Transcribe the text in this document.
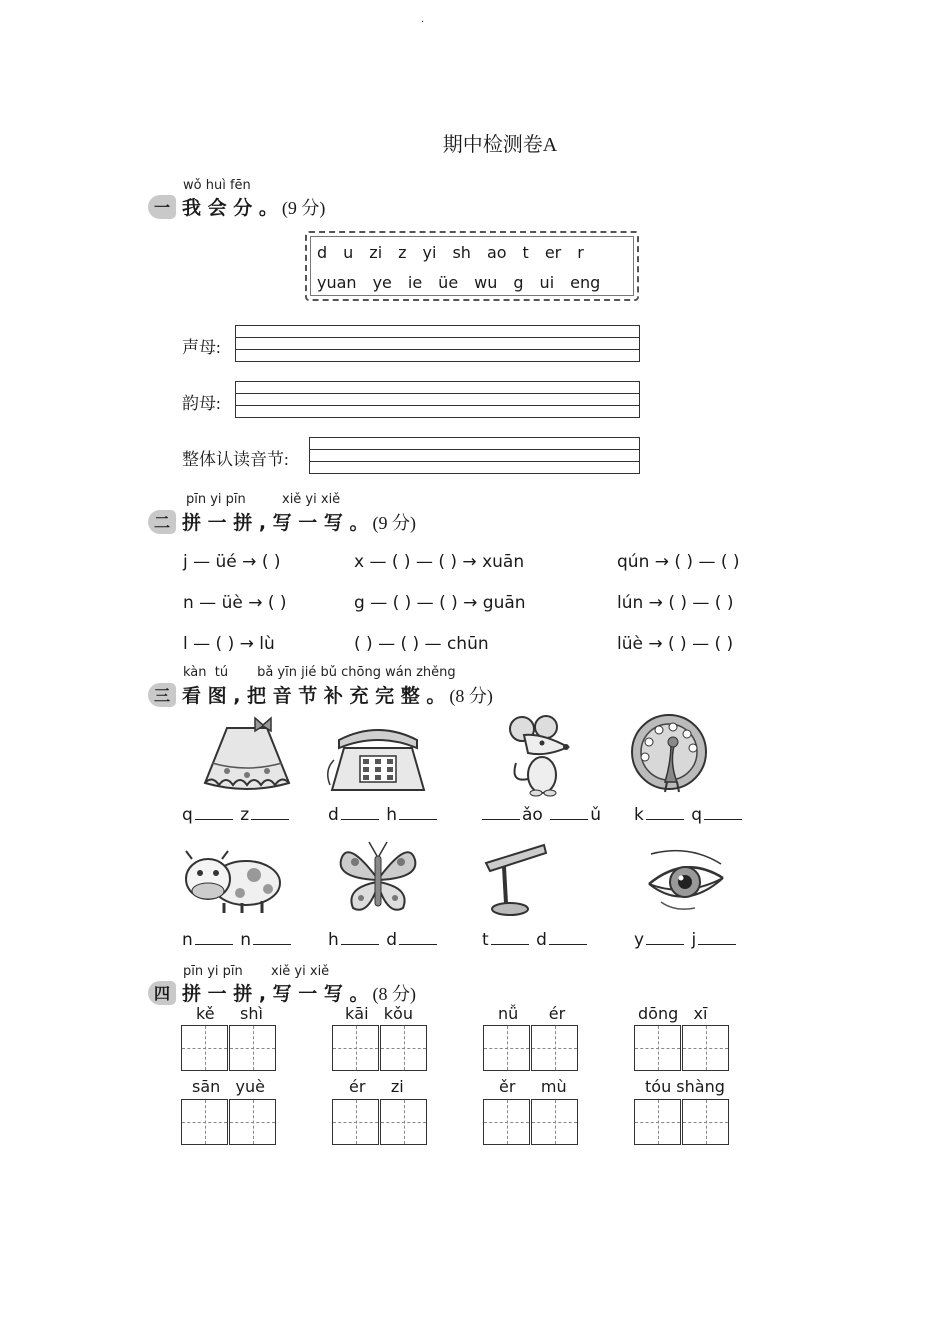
.
期中检测卷A
wǒ huì fēn
一 我 会 分 。 (9 分)
d u zi z yi sh ao t er r
yuan ye ie üe wu g ui eng
声母:
韵母:
整体认读音节:
pīn yi pīn	xiě yi xiě
二 拼 一 拼 , 写 一 写 。 (9 分)
j — üé → ( )	x — ( ) — ( ) → xuān	qún → ( ) — ( )
n — üè → ( )	g — ( ) — ( ) → guān	lún → ( ) — ( )
l — ( ) → lù	( ) — ( ) — chūn	lüè → ( ) — ( )
kàn tú bǎ yīn jié bǔ chōng wán zhěng
三 看 图 , 把 音 节 补 充 完 整 。 (8 分)
q	z	d	h	ǎo	ǔ k	q
n	n	h	d	t	d	y	j
pīn yi pīn xiě yi xiě
四 拼 一 拼 , 写 一 写 。 (8 分)
kě shì	kāi kǒu	nǚ ér	dōng xī
sān yuè	ér zi	ěr mù	tóu shàng
